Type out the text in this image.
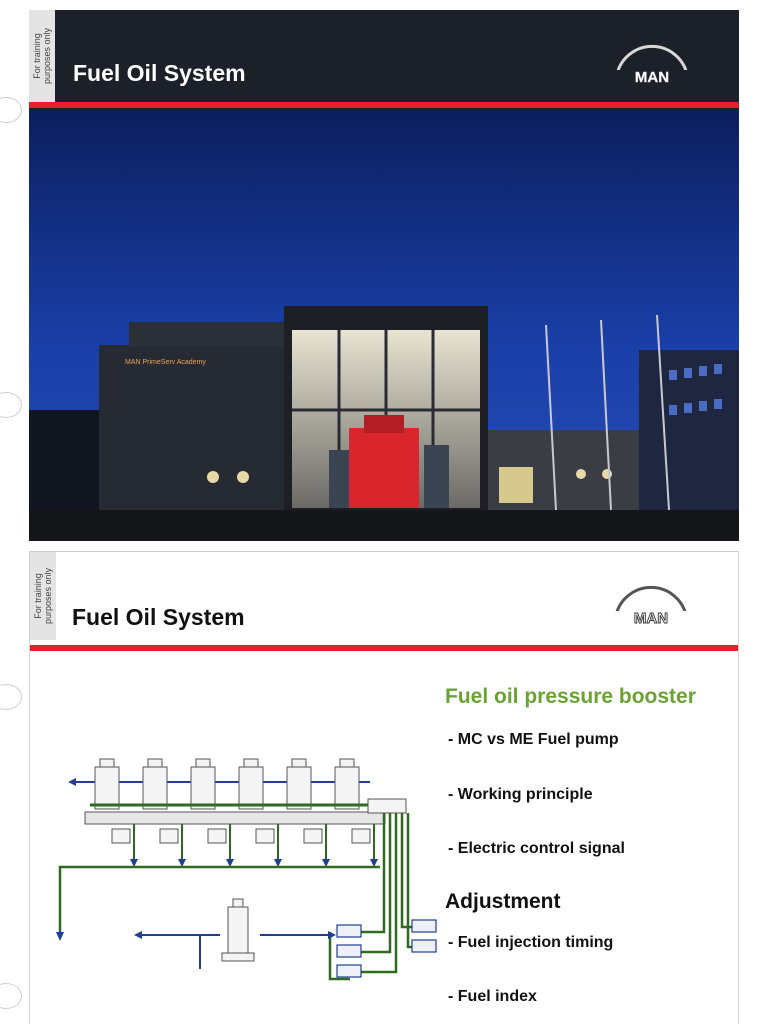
For training purposes only Fuel Oil System	MAN
MAN PrimeServ Academy
For training purposes only Fuel Oil System	MAN
Fuel oil pressure booster
- MC vs ME Fuel pump
- Working principle
- Electric control signal
Adjustment
- Fuel injection timing
- Fuel index
